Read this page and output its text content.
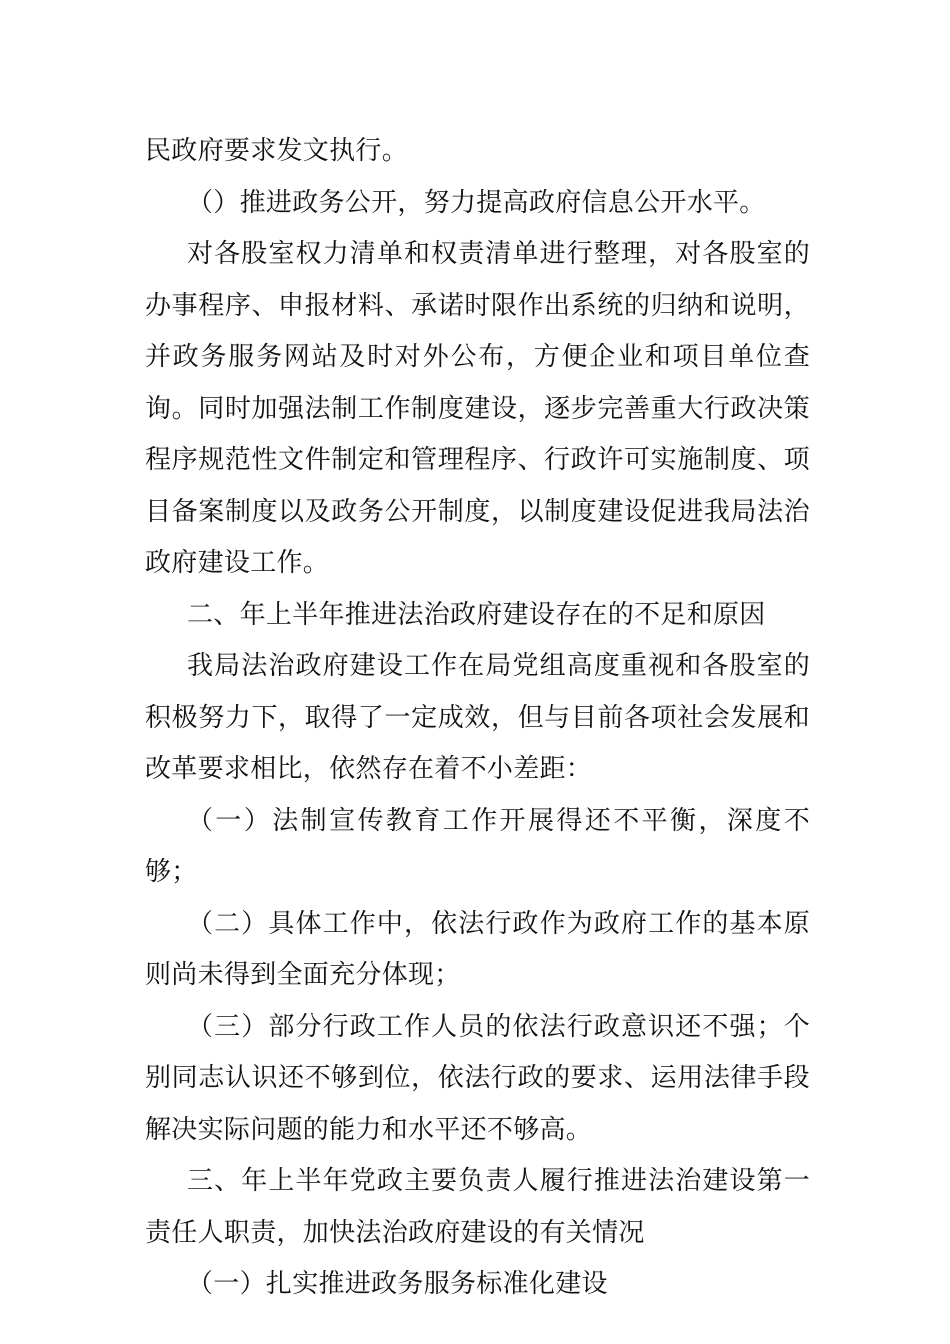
民政府要求发文执行。

（）推进政务公开，努力提高政府信息公开水平。

对各股室权力清单和权责清单进行整理，对各股室的办事程序、申报材料、承诺时限作出系统的归纳和说明，并政务服务网站及时对外公布，方便企业和项目单位查询。同时加强法制工作制度建设，逐步完善重大行政决策程序规范性文件制定和管理程序、行政许可实施制度、项目备案制度以及政务公开制度，以制度建设促进我局法治政府建设工作。

二、年上半年推进法治政府建设存在的不足和原因

我局法治政府建设工作在局党组高度重视和各股室的积极努力下，取得了一定成效，但与目前各项社会发展和改革要求相比，依然存在着不小差距：

（一）法制宣传教育工作开展得还不平衡，深度不够；

（二）具体工作中，依法行政作为政府工作的基本原则尚未得到全面充分体现；

（三）部分行政工作人员的依法行政意识还不强；个别同志认识还不够到位，依法行政的要求、运用法律手段解决实际问题的能力和水平还不够高。

三、年上半年党政主要负责人履行推进法治建设第一责任人职责，加快法治政府建设的有关情况

（一）扎实推进政务服务标准化建设
